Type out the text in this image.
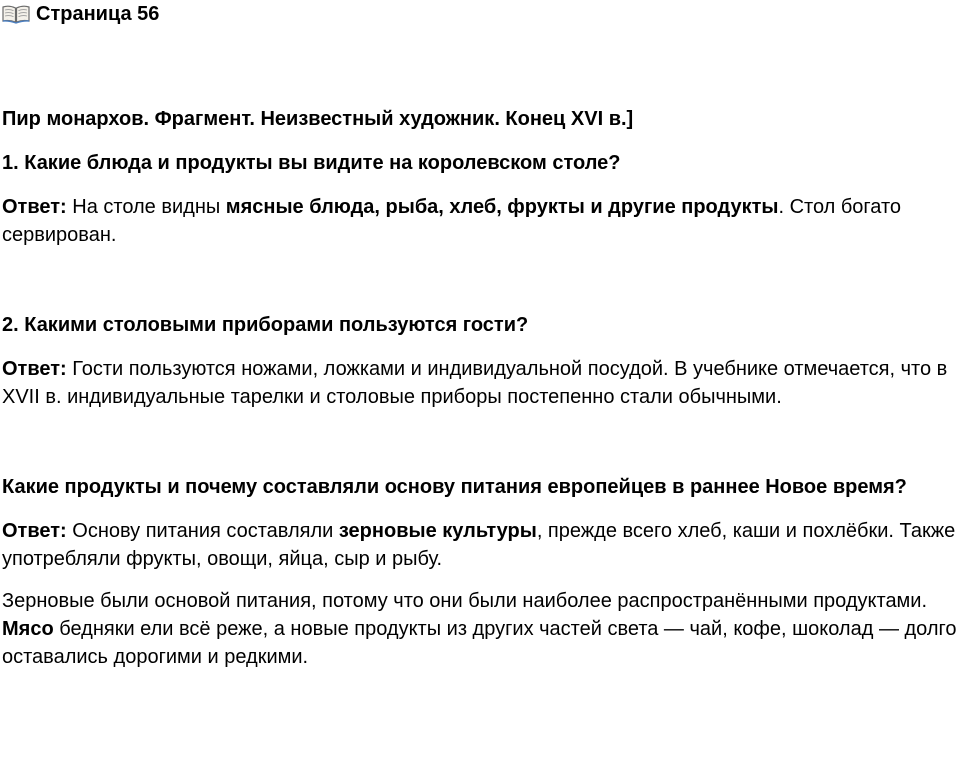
Страница 56

Пир монархов. Фрагмент. Неизвестный художник. Конец XVI в.]

1. Какие блюда и продукты вы видите на королевском столе?

Ответ: На столе видны мясные блюда, рыба, хлеб, фрукты и другие продукты. Стол богато сервирован.

2. Какими столовыми приборами пользуются гости?

Ответ: Гости пользуются ножами, ложками и индивидуальной посудой. В учебнике отмечается, что в XVII в. индивидуальные тарелки и столовые приборы постепенно стали обычными.

Какие продукты и почему составляли основу питания европейцев в раннее Новое время?

Ответ: Основу питания составляли зерновые культуры, прежде всего хлеб, каши и похлёбки. Также употребляли фрукты, овощи, яйца, сыр и рыбу.

Зерновые были основой питания, потому что они были наиболее распространёнными продуктами. Мясо бедняки ели всё реже, а новые продукты из других частей света — чай, кофе, шоколад — долго оставались дорогими и редкими.
